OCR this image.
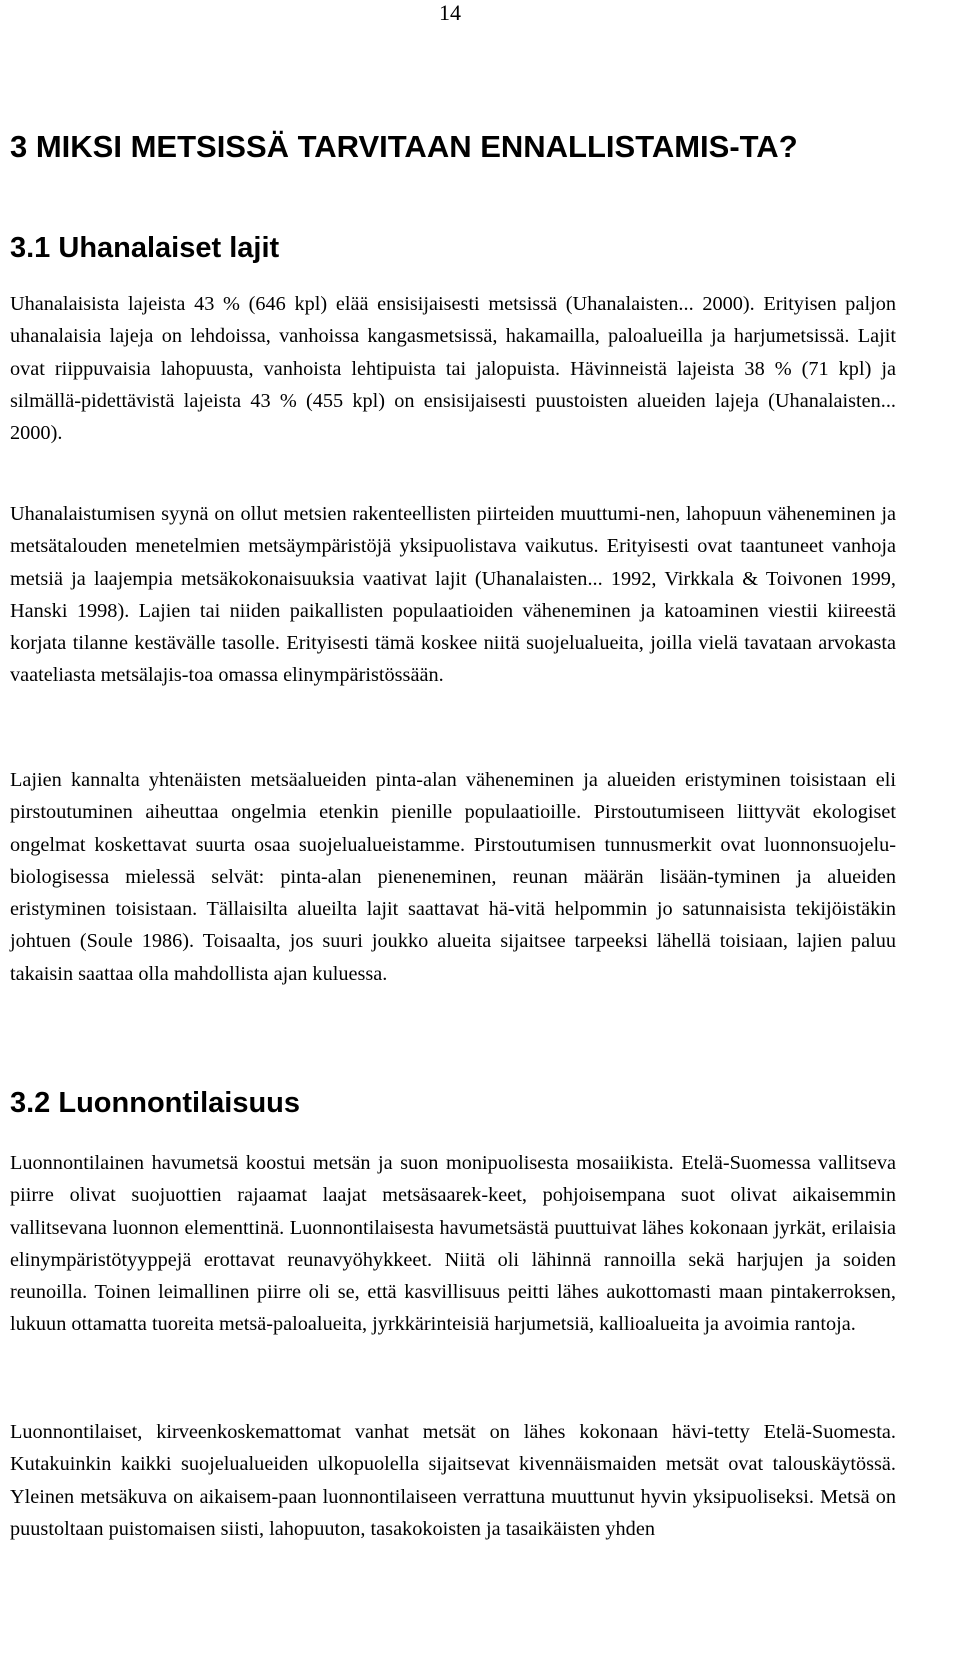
14
3 MIKSI METSISSÄ TARVITAAN ENNALLISTAMIS-TA?
3.1 Uhanalaiset lajit
Uhanalaisista lajeista 43 % (646 kpl) elää ensisijaisesti metsissä (Uhanalaisten... 2000). Erityisen paljon uhanalaisia lajeja on lehdoissa, vanhoissa kangasmetsissä, hakamailla, paloalueilla ja harjumetsissä. Lajit ovat riippuvaisia lahopuusta, vanhoista lehtipuista tai jalopuista. Hävinneistä lajeista 38 % (71 kpl) ja silmällä-pidettävistä lajeista 43 % (455 kpl) on ensisijaisesti puustoisten alueiden lajeja (Uhanalaisten... 2000).
Uhanalaistumisen syynä on ollut metsien rakenteellisten piirteiden muuttumi-nen, lahopuun väheneminen ja metsätalouden menetelmien metsäympäristöjä yksipuolistava vaikutus. Erityisesti ovat taantuneet vanhoja metsiä ja laajempia metsäkokonaisuuksia vaativat lajit (Uhanalaisten... 1992, Virkkala & Toivonen 1999, Hanski 1998). Lajien tai niiden paikallisten populaatioiden väheneminen ja katoaminen viestii kiireestä korjata tilanne kestävälle tasolle. Erityisesti tämä koskee niitä suojelualueita, joilla vielä tavataan arvokasta vaateliasta metsälajis-toa omassa elinympäristössään.
Lajien kannalta yhtenäisten metsäalueiden pinta-alan väheneminen ja alueiden eristyminen toisistaan eli pirstoutuminen aiheuttaa ongelmia etenkin pienille populaatioille. Pirstoutumiseen liittyvät ekologiset ongelmat koskettavat suurta osaa suojelualueistamme. Pirstoutumisen tunnusmerkit ovat luonnonsuojelu-biologisessa mielessä selvät: pinta-alan pieneneminen, reunan määrän lisään-tyminen ja alueiden eristyminen toisistaan. Tällaisilta alueilta lajit saattavat hä-vitä helpommin jo satunnaisista tekijöistäkin johtuen (Soule 1986). Toisaalta, jos suuri joukko alueita sijaitsee tarpeeksi lähellä toisiaan, lajien paluu takaisin saattaa olla mahdollista ajan kuluessa.
3.2 Luonnontilaisuus
Luonnontilainen havumetsä koostui metsän ja suon monipuolisesta mosaiikista. Etelä-Suomessa vallitseva piirre olivat suojuottien rajaamat laajat metsäsaarek-keet, pohjoisempana suot olivat aikaisemmin vallitsevana luonnon elementtinä. Luonnontilaisesta havumetsästä puuttuivat lähes kokonaan jyrkät, erilaisia elinympäristötyyppejä erottavat reunavyöhykkeet. Niitä oli lähinnä rannoilla sekä harjujen ja soiden reunoilla. Toinen leimallinen piirre oli se, että kasvillisuus peitti lähes aukottomasti maan pintakerroksen, lukuun ottamatta tuoreita metsä-paloalueita, jyrkkärinteisiä harjumetsiä, kallioalueita ja avoimia rantoja.
Luonnontilaiset, kirveenkoskemattomat vanhat metsät on lähes kokonaan hävi-tetty Etelä-Suomesta. Kutakuinkin kaikki suojelualueiden ulkopuolella sijaitsevat kivennäismaiden metsät ovat talouskäytössä. Yleinen metsäkuva on aikaisem-paan luonnontilaiseen verrattuna muuttunut hyvin yksipuoliseksi. Metsä on puustoltaan puistomaisen siisti, lahopuuton, tasakokoisten ja tasaikäisten yhden
